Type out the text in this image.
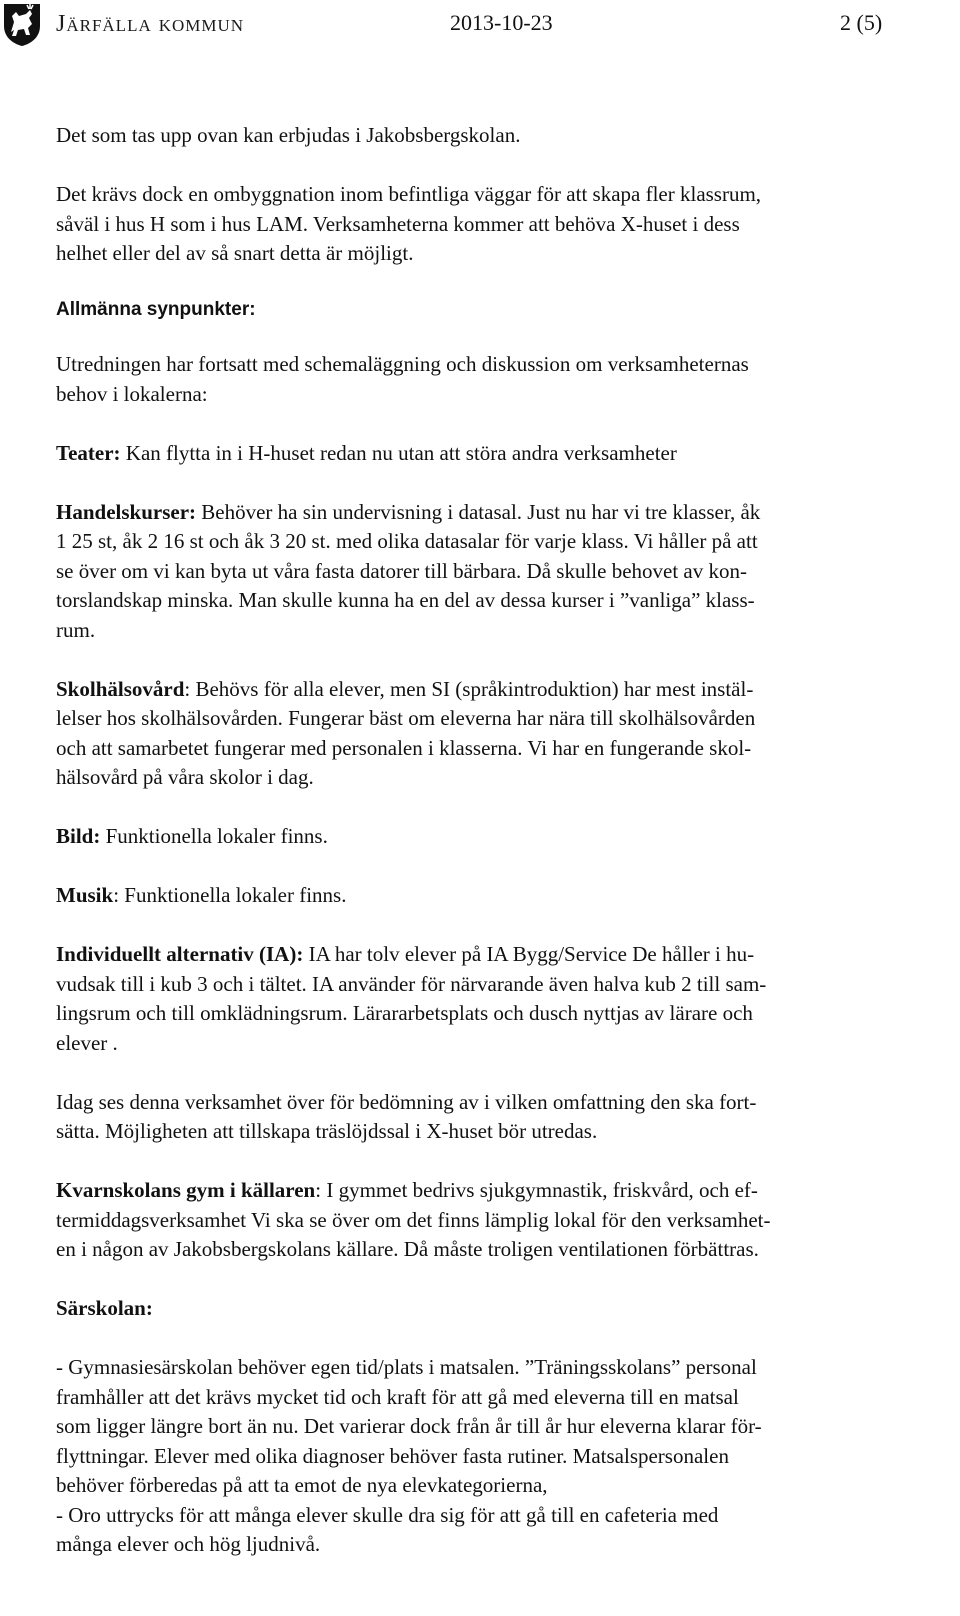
Järfälla kommun	2013-10-23	2 (5)

Det som tas upp ovan kan erbjudas i Jakobsbergskolan.

Det krävs dock en ombyggnation inom befintliga väggar för att skapa fler klassrum,

såväl i hus H som i hus LAM. Verksamheterna kommer att behöva X-huset i dess

helhet eller del av så snart detta är möjligt.

Allmänna synpunkter:

Utredningen har fortsatt med schemaläggning och diskussion om verksamheternas

behov i lokalerna:

Teater: Kan flytta in i H-huset redan nu utan att störa andra verksamheter

Handelskurser: Behöver ha sin undervisning i datasal. Just nu har vi tre klasser, åk

1 25 st, åk 2 16 st och åk 3 20 st. med olika datasalar för varje klass. Vi håller på att

se över om vi kan byta ut våra fasta datorer till bärbara. Då skulle behovet av kon-

torslandskap minska. Man skulle kunna ha en del av dessa kurser i ”vanliga” klass-

rum.

Skolhälsovård: Behövs för alla elever, men SI (språkintroduktion) har mest instäl-

lelser hos skolhälsovården. Fungerar bäst om eleverna har nära till skolhälsovården

och att samarbetet fungerar med personalen i klasserna. Vi har en fungerande skol-

hälsovård på våra skolor i dag.

Bild: Funktionella lokaler finns.

Musik: Funktionella lokaler finns.

Individuellt alternativ (IA): IA har tolv elever på IA Bygg/Service De håller i hu-

vudsak till i kub 3 och i tältet. IA använder för närvarande även halva kub 2 till sam-

lingsrum och till omklädningsrum. Lärararbetsplats och dusch nyttjas av lärare och

elever .

Idag ses denna verksamhet över för bedömning av i vilken omfattning den ska fort-

sätta. Möjligheten att tillskapa träslöjdssal i X-huset bör utredas.

Kvarnskolans gym i källaren: I gymmet bedrivs sjukgymnastik, friskvård, och ef-

termiddagsverksamhet Vi ska se över om det finns lämplig lokal för den verksamhet-

en i någon av Jakobsbergskolans källare. Då måste troligen ventilationen förbättras.

Särskolan:

- Gymnasiesärskolan behöver egen tid/plats i matsalen. ”Träningsskolans” personal

framhåller att det krävs mycket tid och kraft för att gå med eleverna till en matsal

som ligger längre bort än nu. Det varierar dock från år till år hur eleverna klarar för-

flyttningar. Elever med olika diagnoser behöver fasta rutiner. Matsalspersonalen

behöver förberedas på att ta emot de nya elevkategorierna,

- Oro uttrycks för att många elever skulle dra sig för att gå till en cafeteria med

många elever och hög ljudnivå.
